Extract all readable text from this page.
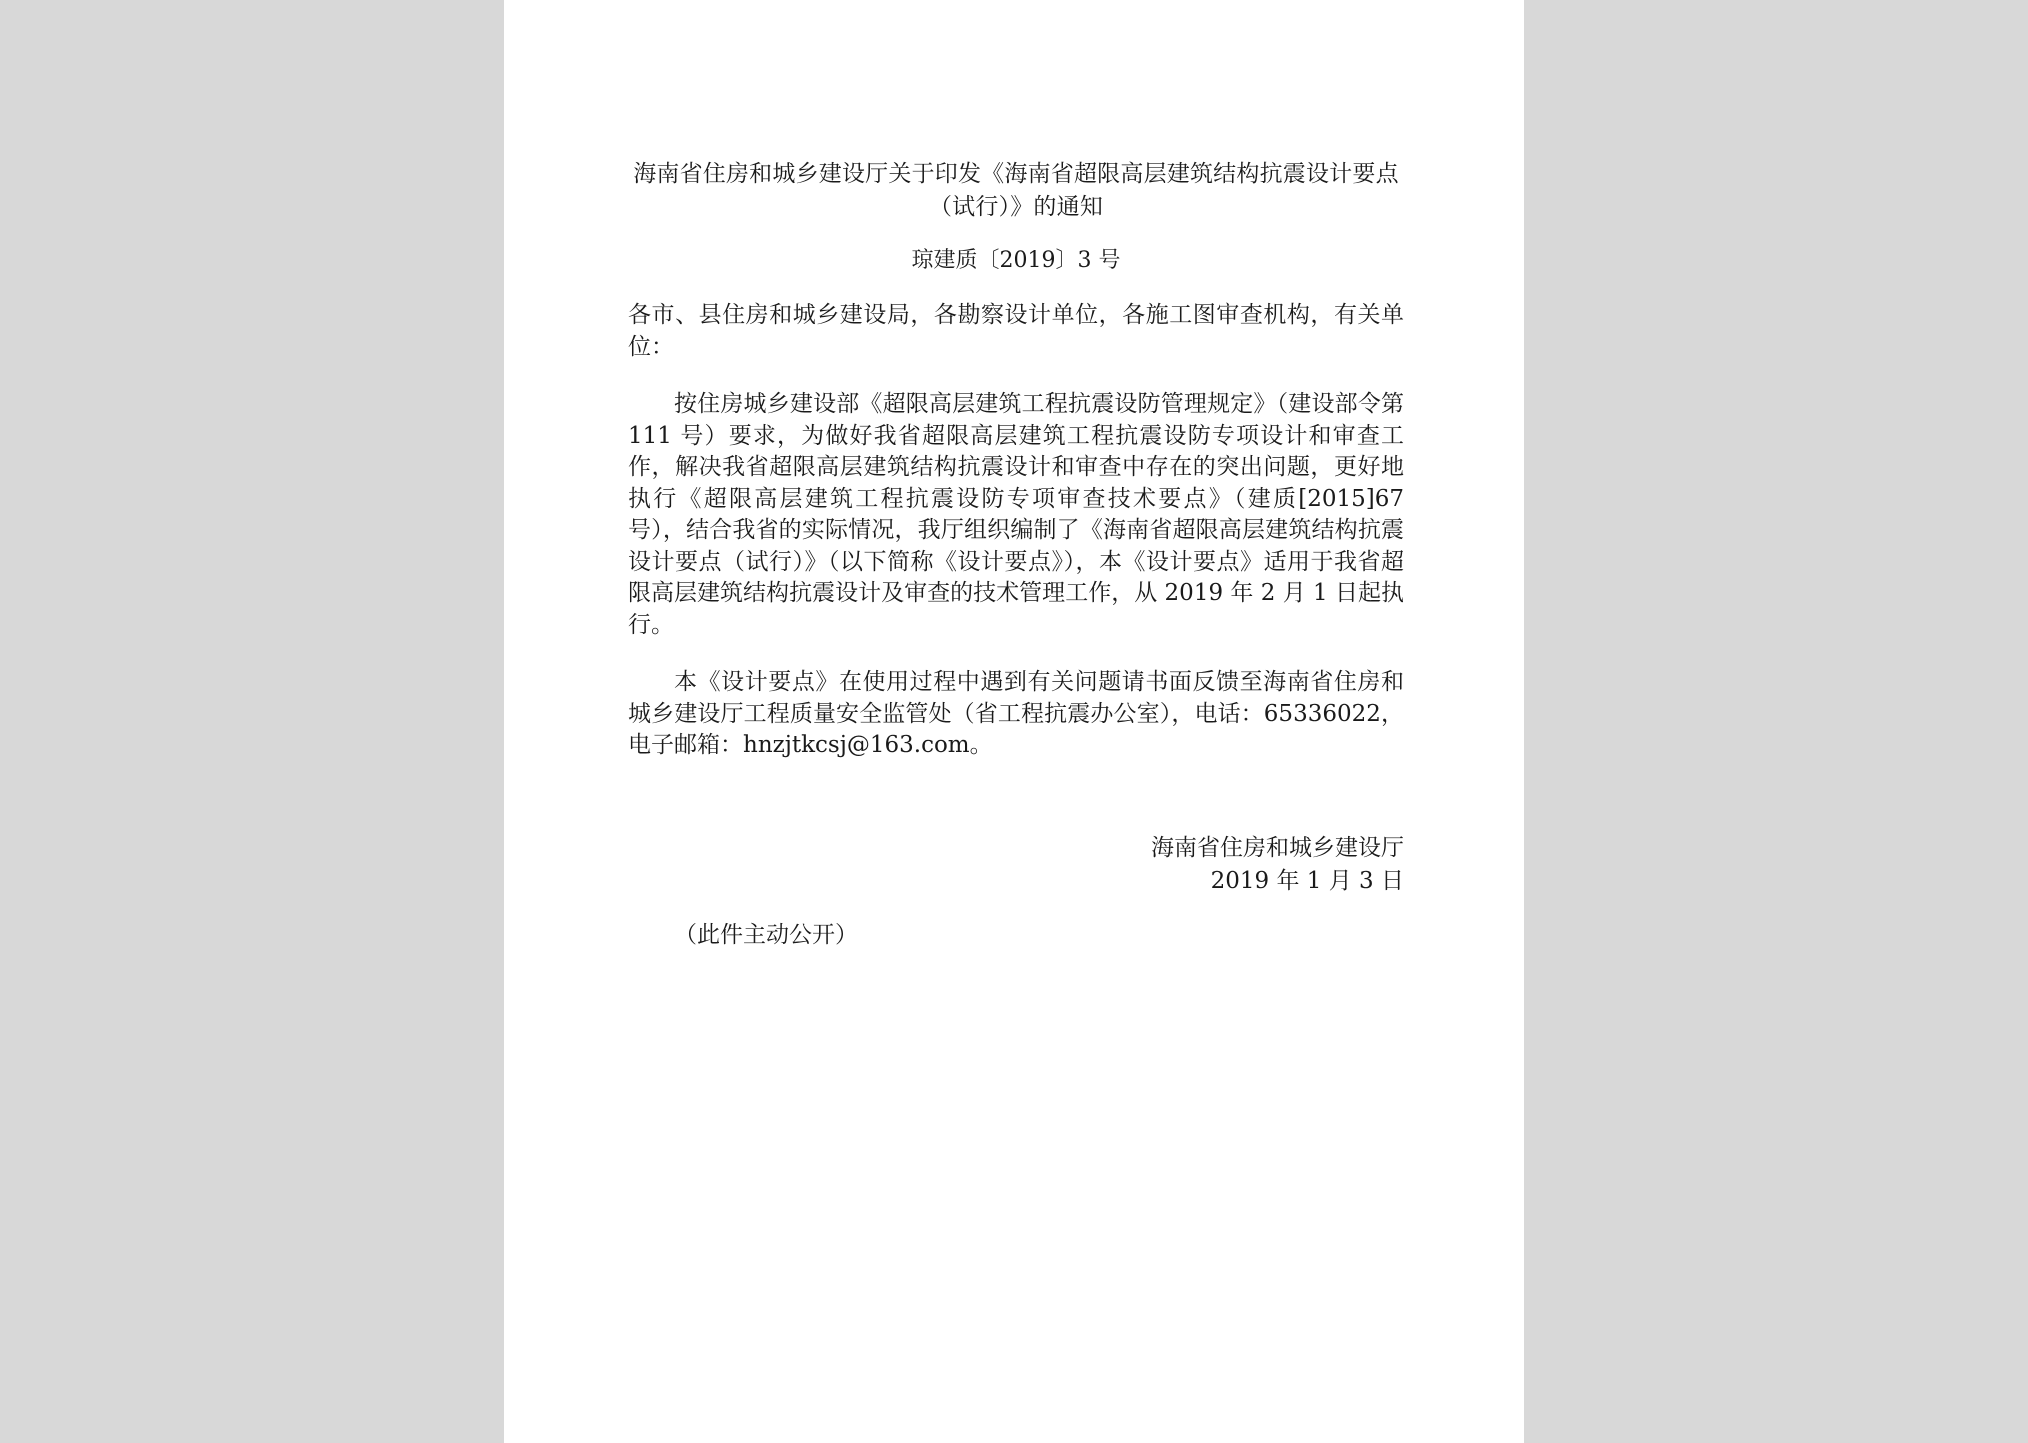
海南省住房和城乡建设厅关于印发《海南省超限高层建筑结构抗震设计要点（试行）》的通知

琼建质〔2019〕3 号

各市、县住房和城乡建设局，各勘察设计单位，各施工图审查机构，有关单位：

按住房城乡建设部《超限高层建筑工程抗震设防管理规定》（建设部令第 111 号）要求，为做好我省超限高层建筑工程抗震设防专项设计和审查工作，解决我省超限高层建筑结构抗震设计和审查中存在的突出问题，更好地执行《超限高层建筑工程抗震设防专项审查技术要点》（建质[2015]67 号），结合我省的实际情况，我厅组织编制了《海南省超限高层建筑结构抗震设计要点（试行）》（以下简称《设计要点》），本《设计要点》适用于我省超限高层建筑结构抗震设计及审查的技术管理工作，从 2019 年 2 月 1 日起执行。

本《设计要点》在使用过程中遇到有关问题请书面反馈至海南省住房和城乡建设厅工程质量安全监管处（省工程抗震办公室），电话：65336022，电子邮箱：hnzjtkcsj@163.com。

海南省住房和城乡建设厅
2019 年 1 月 3 日
（此件主动公开）
